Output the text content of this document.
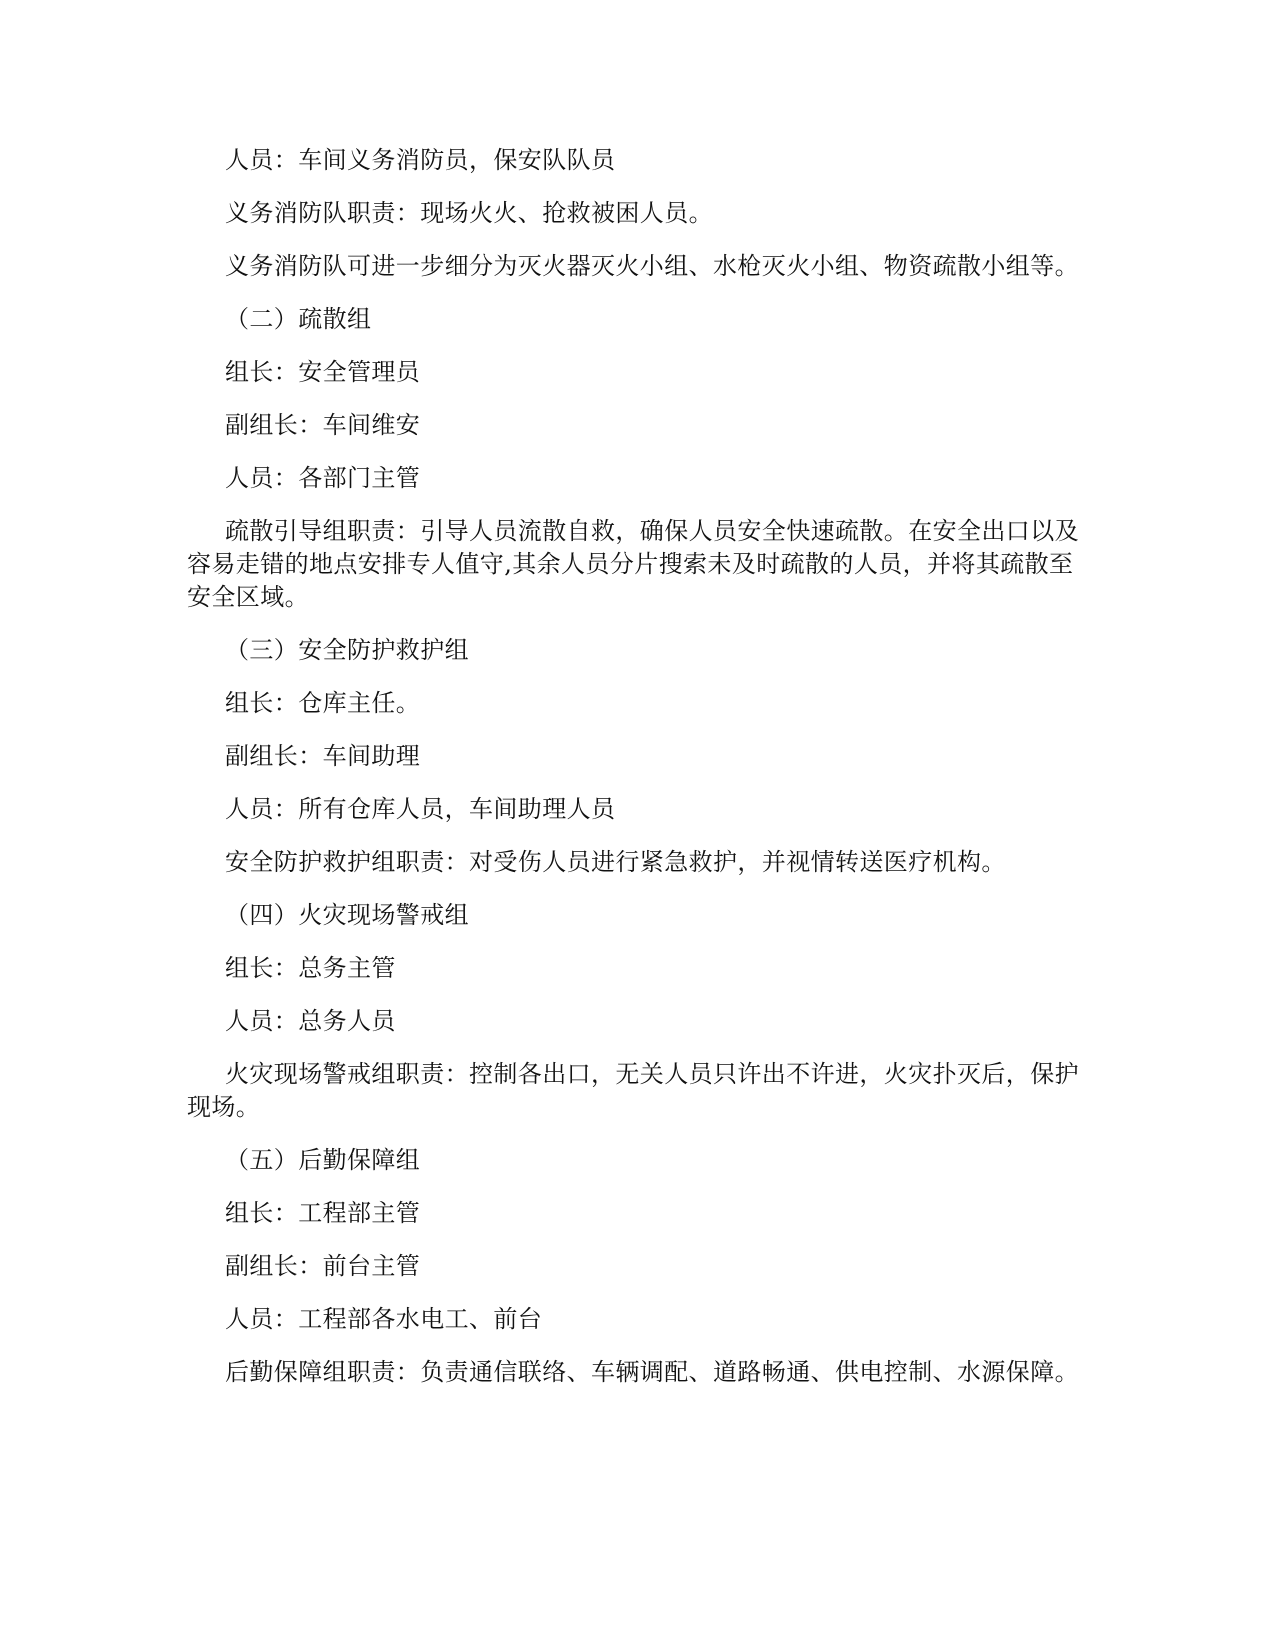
人员：车间义务消防员，保安队队员

义务消防队职责：现场火火、抢救被困人员。

义务消防队可进一步细分为灭火器灭火小组、水枪灭火小组、物资疏散小组等。

（二）疏散组

组长：安全管理员

副组长：车间维安

人员：各部门主管

疏散引导组职责：引导人员流散自救，确保人员安全快速疏散。在安全出口以及容易走错的地点安排专人值守,其余人员分片搜索未及时疏散的人员，并将其疏散至安全区域。

（三）安全防护救护组

组长：仓库主任。

副组长：车间助理

人员：所有仓库人员，车间助理人员

安全防护救护组职责：对受伤人员进行紧急救护，并视情转送医疗机构。

（四）火灾现场警戒组

组长：总务主管

人员：总务人员

火灾现场警戒组职责：控制各出口，无关人员只许出不许进，火灾扑灭后，保护现场。

（五）后勤保障组

组长：工程部主管

副组长：前台主管

人员：工程部各水电工、前台

后勤保障组职责：负责通信联络、车辆调配、道路畅通、供电控制、水源保障。
